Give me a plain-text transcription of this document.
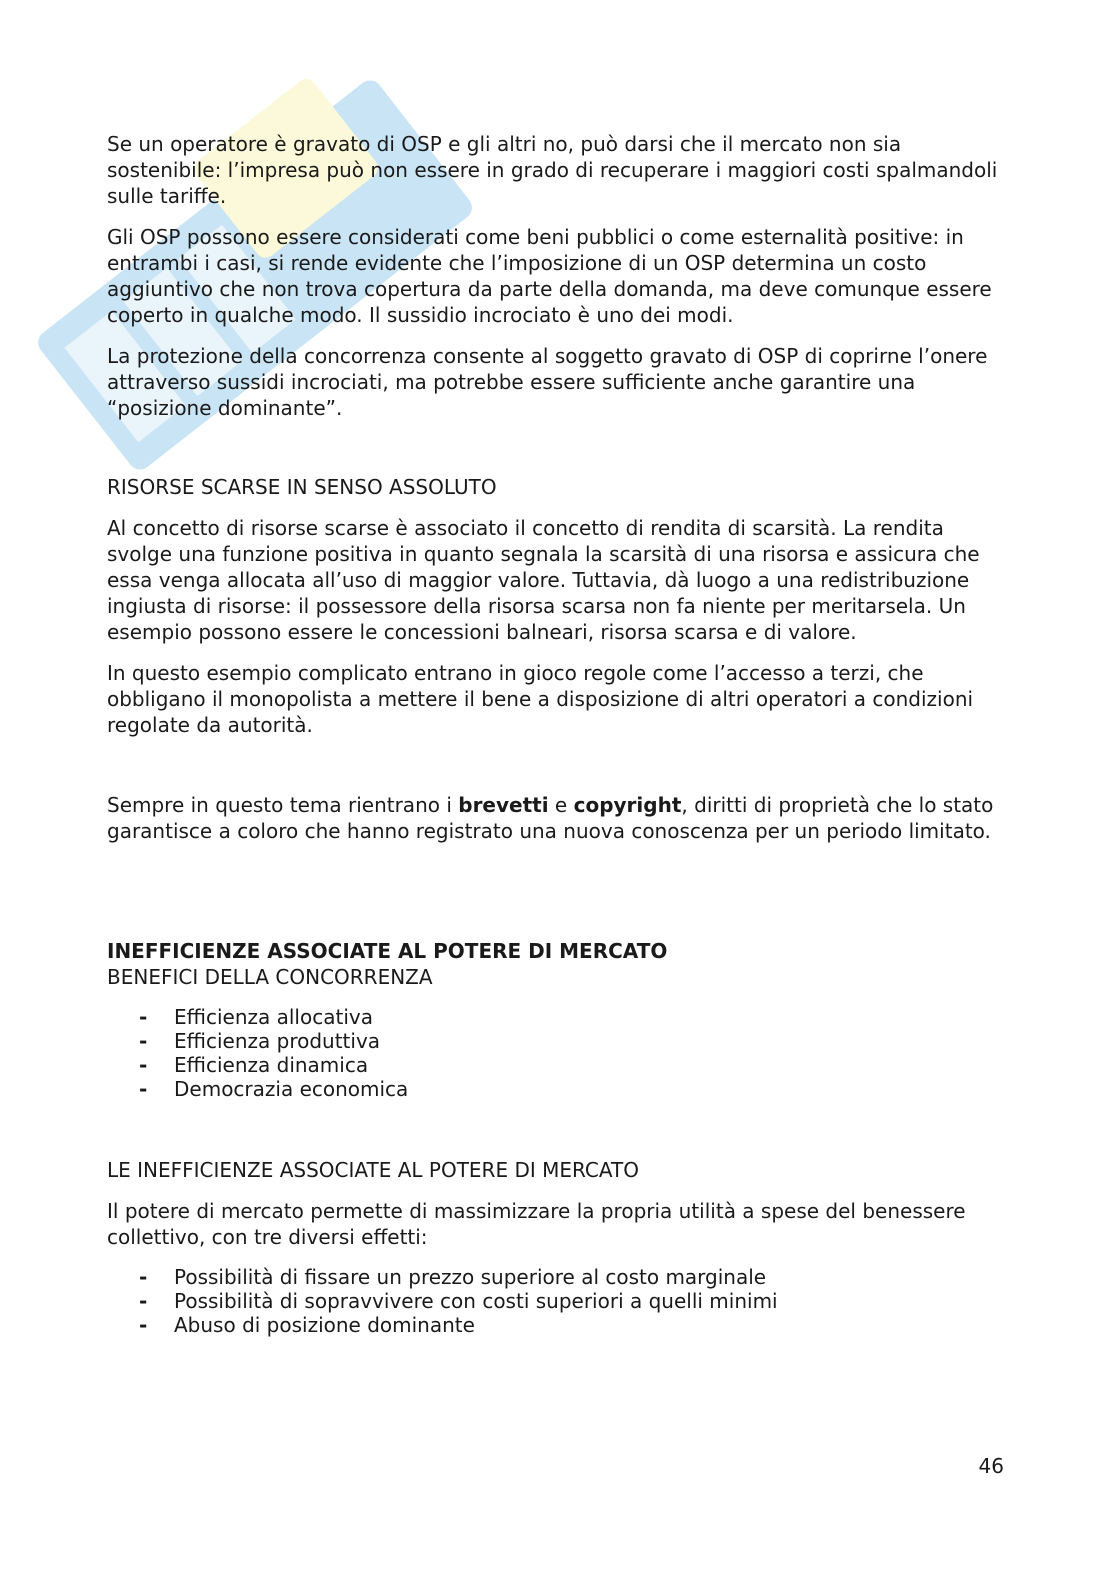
Se un operatore è gravato di OSP e gli altri no, può darsi che il mercato non sia sostenibile: l’impresa può non essere in grado di recuperare i maggiori costi spalmandoli sulle tariffe.

Gli OSP possono essere considerati come beni pubblici o come esternalità positive: in entrambi i casi, si rende evidente che l’imposizione di un OSP determina un costo aggiuntivo che non trova copertura da parte della domanda, ma deve comunque essere coperto in qualche modo. Il sussidio incrociato è uno dei modi.

La protezione della concorrenza consente al soggetto gravato di OSP di coprirne l’onere attraverso sussidi incrociati, ma potrebbe essere sufficiente anche garantire una “posizione dominante”.

RISORSE SCARSE IN SENSO ASSOLUTO

Al concetto di risorse scarse è associato il concetto di rendita di scarsità. La rendita svolge una funzione positiva in quanto segnala la scarsità di una risorsa e assicura che essa venga allocata all’uso di maggior valore. Tuttavia, dà luogo a una redistribuzione ingiusta di risorse: il possessore della risorsa scarsa non fa niente per meritarsela. Un esempio possono essere le concessioni balneari, risorsa scarsa e di valore.

In questo esempio complicato entrano in gioco regole come l’accesso a terzi, che obbligano il monopolista a mettere il bene a disposizione di altri operatori a condizioni regolate da autorità.

Sempre in questo tema rientrano i brevetti e copyright, diritti di proprietà che lo stato garantisce a coloro che hanno registrato una nuova conoscenza per un periodo limitato.

INEFFICIENZE ASSOCIATE AL POTERE DI MERCATO

BENEFICI DELLA CONCORRENZA

- Efficienza allocativa
- Efficienza produttiva
- Efficienza dinamica
- Democrazia economica

LE INEFFICIENZE ASSOCIATE AL POTERE DI MERCATO

Il potere di mercato permette di massimizzare la propria utilità a spese del benessere collettivo, con tre diversi effetti:

- Possibilità di fissare un prezzo superiore al costo marginale
- Possibilità di sopravvivere con costi superiori a quelli minimi
- Abuso di posizione dominante
46
